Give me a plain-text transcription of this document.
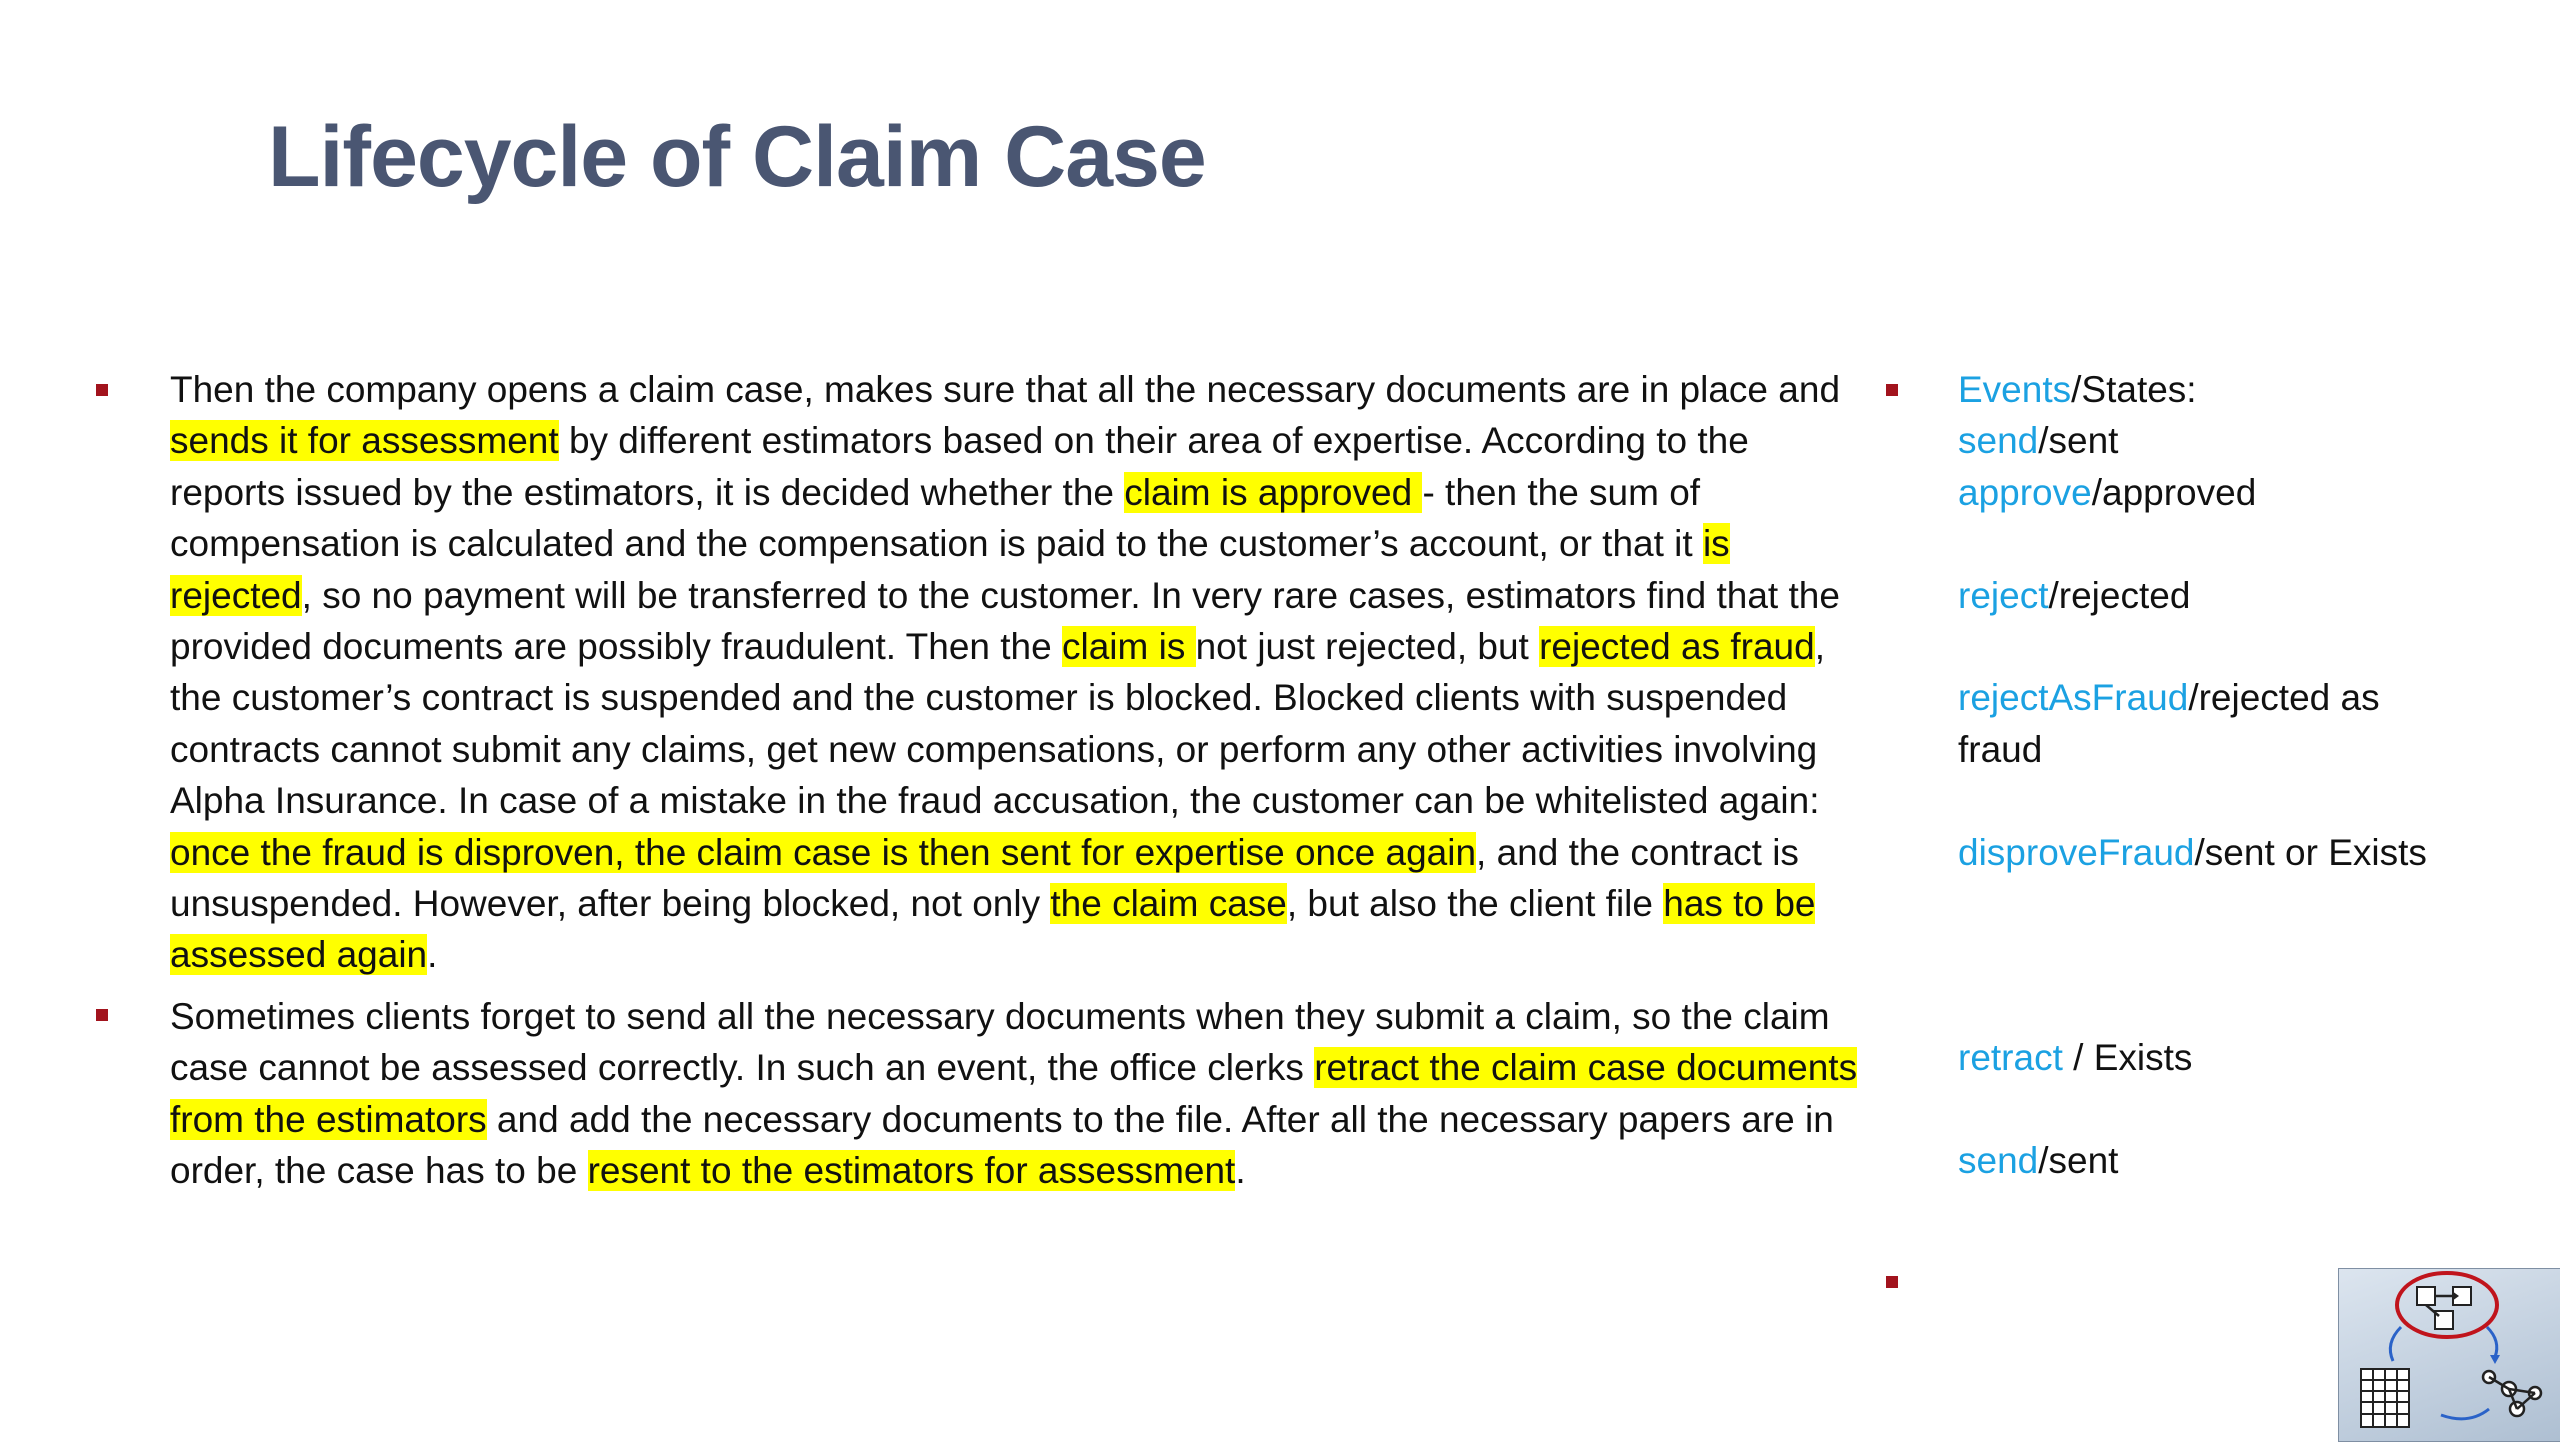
Lifecycle of Claim Case

Then the company opens a claim case, makes sure that all the necessary documents are in place and sends it for assessment by different estimators based on their area of expertise. According to the reports issued by the estimators, it is decided whether the claim is approved - then the sum of compensation is calculated and the compensation is paid to the customer’s account, or that it is rejected, so no payment will be transferred to the customer. In very rare cases, estimators find that the provided documents are possibly fraudulent. Then the claim is not just rejected, but rejected as fraud, the customer’s contract is suspended and the customer is blocked. Blocked clients with suspended contracts cannot submit any claims, get new compensations, or perform any other activities involving Alpha Insurance. In case of a mistake in the fraud accusation, the customer can be whitelisted again: once the fraud is disproven, the claim case is then sent for expertise once again, and the contract is unsuspended. However, after being blocked, not only the claim case, but also the client file has to be assessed again.

Sometimes clients forget to send all the necessary documents when they submit a claim, so the claim case cannot be assessed correctly. In such an event, the office clerks retract the claim case documents from the estimators and add the necessary documents to the file. After all the necessary papers are in order, the case has to be resent to the estimators for assessment.

Events/States:
send/sent
approve/approved
reject/rejected
rejectAsFraud/rejected as
fraud
disproveFraud/sent or Exists
retract / Exists
send/sent
